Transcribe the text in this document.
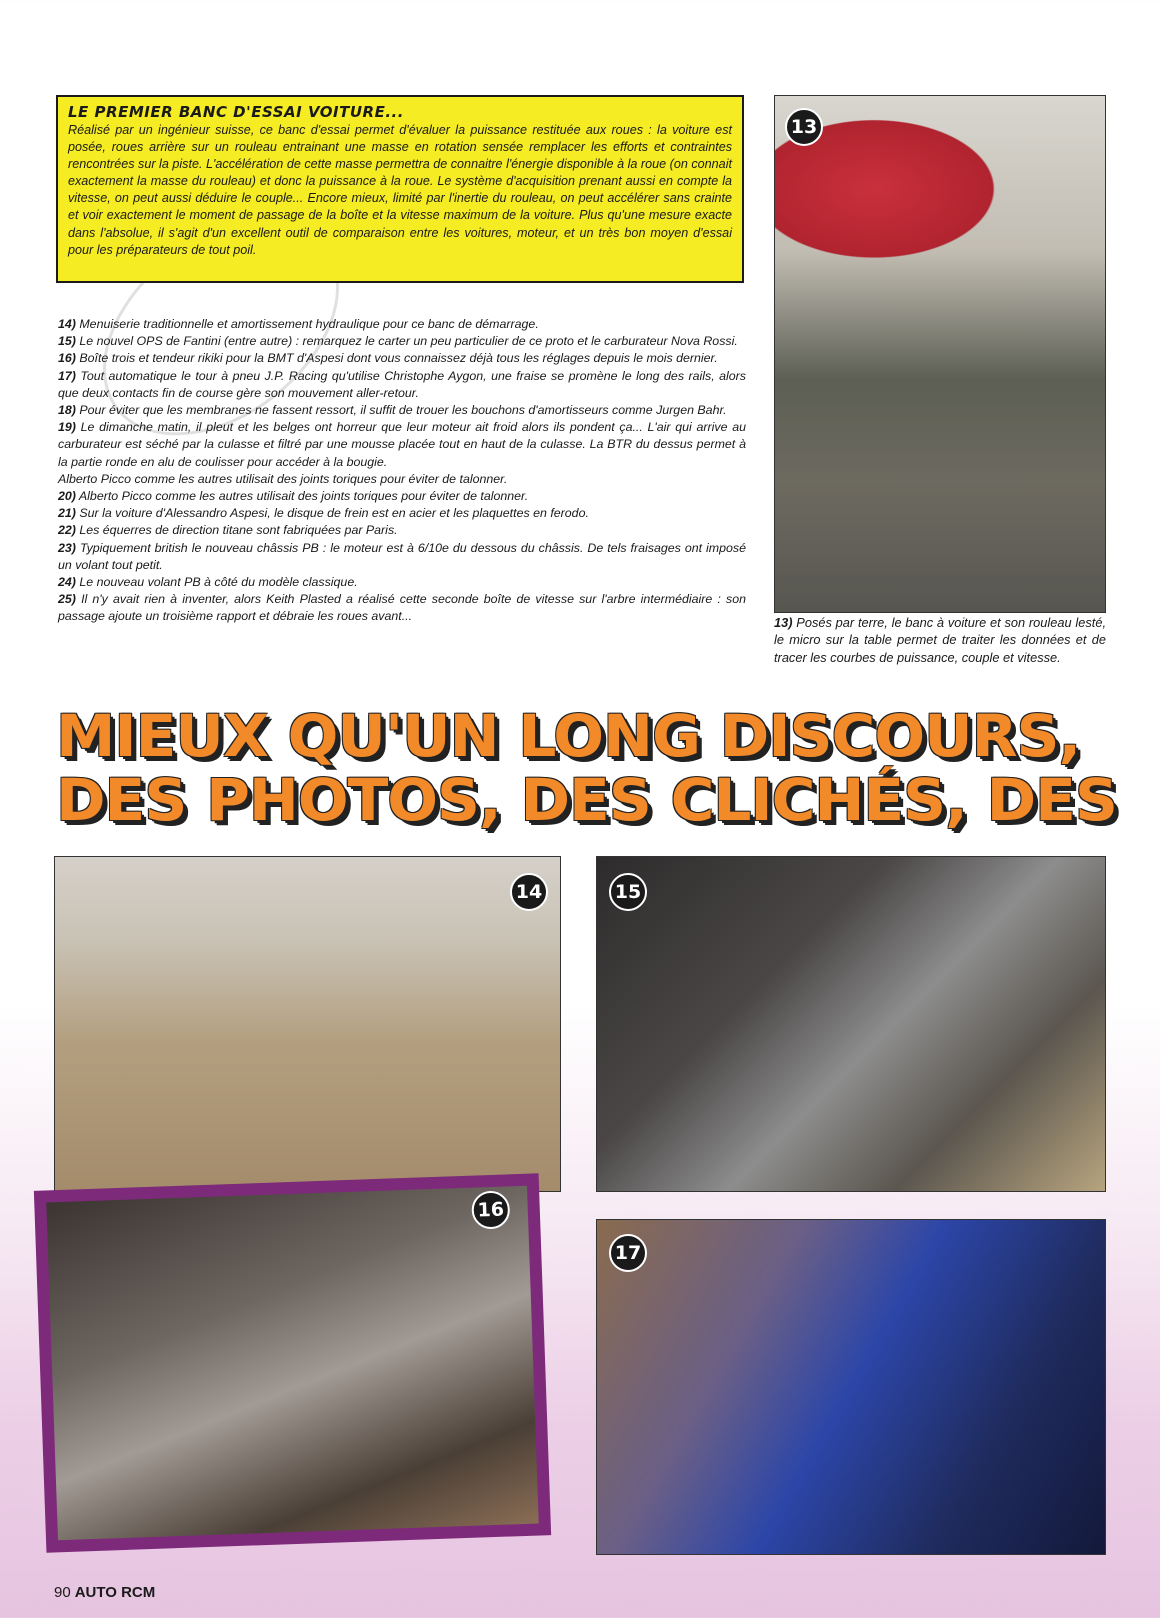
LE PREMIER BANC D'ESSAI VOITURE...

Réalisé par un ingénieur suisse, ce banc d'essai permet d'évaluer la puissance restituée aux roues : la voiture est posée, roues arrière sur un rouleau entrainant une masse en rotation sensée remplacer les efforts et contraintes rencontrées sur la piste. L'accélération de cette masse permettra de connaitre l'énergie disponible à la roue (on connait exactement la masse du rouleau) et donc la puissance à la roue. Le système d'acquisition prenant aussi en compte la vitesse, on peut aussi déduire le couple... Encore mieux, limité par l'inertie du rouleau, on peut accélérer sans crainte et voir exactement le moment de passage de la boîte et la vitesse maximum de la voiture. Plus qu'une mesure exacte dans l'absolue, il s'agit d'un excellent outil de comparaison entre les voitures, moteur, et un très bon moyen d'essai pour les préparateurs de tout poil.

14) Menuiserie traditionnelle et amortissement hydraulique pour ce banc de démarrage.

15) Le nouvel OPS de Fantini (entre autre) : remarquez le carter un peu particulier de ce proto et le carburateur Nova Rossi.

16) Boîte trois et tendeur rikiki pour la BMT d'Aspesi dont vous connaissez déjà tous les réglages depuis le mois dernier.

17) Tout automatique le tour à pneu J.P. Racing qu'utilise Christophe Aygon, une fraise se promène le long des rails, alors que deux contacts fin de course gère son mouvement aller-retour.

18) Pour éviter que les membranes ne fassent ressort, il suffit de trouer les bouchons d'amortisseurs comme Jurgen Bahr.

19) Le dimanche matin, il pleut et les belges ont horreur que leur moteur ait froid alors ils pondent ça... L'air qui arrive au carburateur est séché par la culasse et filtré par une mousse placée tout en haut de la culasse. La BTR du dessus permet à la partie ronde en alu de coulisser pour accéder à la bougie.

Alberto Picco comme les autres utilisait des joints toriques pour éviter de talonner.

20) Alberto Picco comme les autres utilisait des joints toriques pour éviter de talonner.

21) Sur la voiture d'Alessandro Aspesi, le disque de frein est en acier et les plaquettes en ferodo.

22) Les équerres de direction titane sont fabriquées par Paris.

23) Typiquement british le nouveau châssis PB : le moteur est à 6/10e du dessous du châssis. De tels fraisages ont imposé un volant tout petit.

24) Le nouveau volant PB à côté du modèle classique.

25) Il n'y avait rien à inventer, alors Keith Plasted a réalisé cette seconde boîte de vitesse sur l'arbre intermédiaire : son passage ajoute un troisième rapport et débraie les roues avant...

13
13) Posés par terre, le banc à voiture et son rouleau lesté, le micro sur la table permet de traiter les données et de tracer les courbes de puissance, couple et vitesse.
MIEUX QU'UN LONG DISCOURS,
DES PHOTOS, DES CLICHÉS, DES
14	15
16
17
90 AUTO RCM
